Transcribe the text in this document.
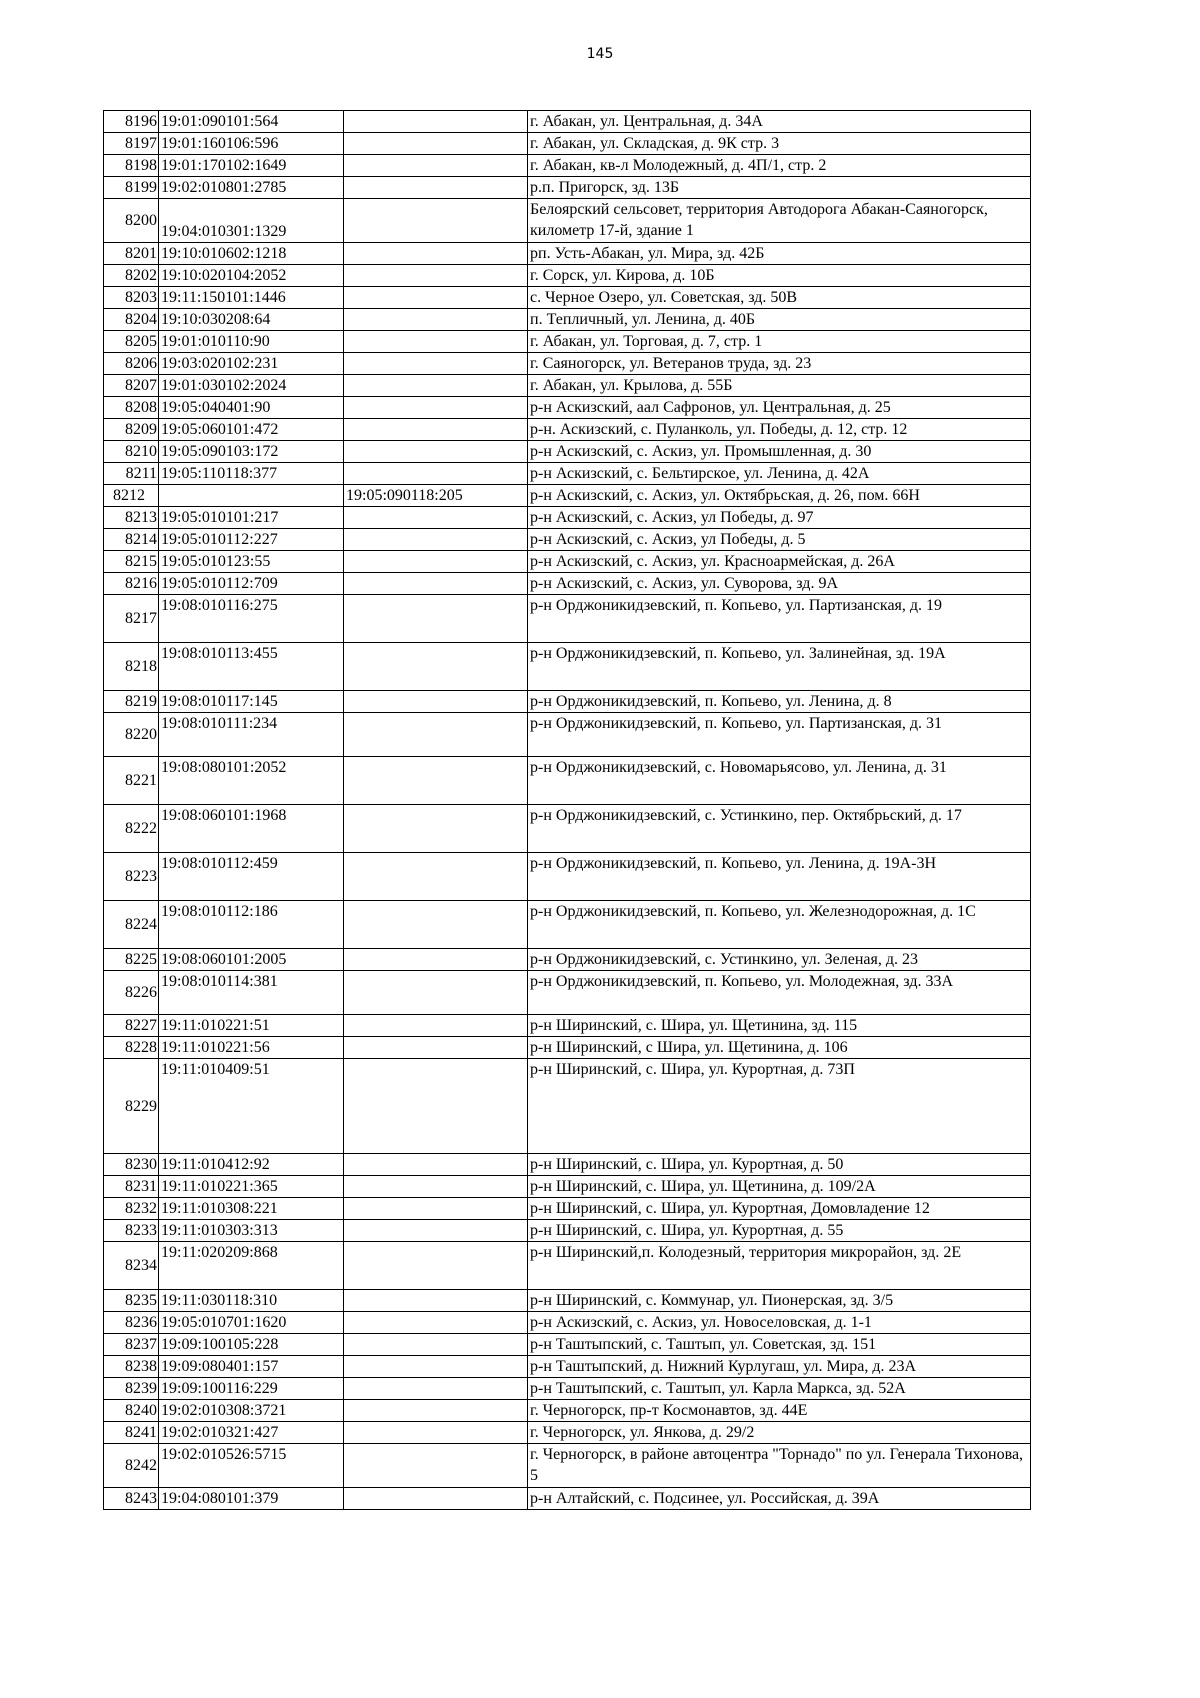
145
8196	19:01:090101:564		г. Абакан, ул. Центральная, д. 34А
8197	19:01:160106:596		г. Абакан, ул. Складская, д. 9К стр. 3
8198	19:01:170102:1649		г. Абакан, кв-л Молодежный, д. 4П/1, стр. 2
8199	19:02:010801:2785		р.п. Пригорск, зд. 13Б
8200	19:04:010301:1329		Белоярский сельсовет, территория Автодорога Абакан-Саяногорск, километр 17-й, здание 1
8201	19:10:010602:1218		рп. Усть-Абакан, ул. Мира, зд. 42Б
8202	19:10:020104:2052		г. Сорск, ул. Кирова, д. 10Б
8203	19:11:150101:1446		с. Черное Озеро, ул. Советская, зд. 50В
8204	19:10:030208:64		п. Тепличный, ул. Ленина, д. 40Б
8205	19:01:010110:90		г. Абакан, ул. Торговая, д. 7, стр. 1
8206	19:03:020102:231		г. Саяногорск, ул. Ветеранов труда, зд. 23
8207	19:01:030102:2024		г. Абакан, ул. Крылова, д. 55Б
8208	19:05:040401:90		р-н Аскизский, аал Сафронов, ул. Центральная, д. 25
8209	19:05:060101:472		р-н. Аскизский, с. Пуланколь, ул. Победы, д. 12, стр. 12
8210	19:05:090103:172		р-н Аскизский, с. Аскиз, ул. Промышленная, д. 30
8211	19:05:110118:377		р-н Аскизский, с. Бельтирское, ул. Ленина, д. 42А
8212		19:05:090118:205	р-н Аскизский, с. Аскиз, ул. Октябрьская, д. 26, пом. 66Н
8213	19:05:010101:217		р-н Аскизский, с. Аскиз, ул Победы, д. 97
8214	19:05:010112:227		р-н Аскизский, с. Аскиз, ул Победы, д. 5
8215	19:05:010123:55		р-н Аскизский, с. Аскиз, ул. Красноармейская, д. 26А
8216	19:05:010112:709		р-н Аскизский, с. Аскиз, ул. Суворова, зд. 9А
8217	19:08:010116:275		р-н Орджоникидзевский, п. Копьево, ул. Партизанская, д. 19
8218	19:08:010113:455		р-н Орджоникидзевский, п. Копьево, ул. Залинейная, зд. 19А
8219	19:08:010117:145		р-н Орджоникидзевский, п. Копьево, ул. Ленина, д. 8
8220	19:08:010111:234		р-н Орджоникидзевский, п. Копьево, ул. Партизанская, д. 31
8221	19:08:080101:2052		р-н Орджоникидзевский, с. Новомарьясово, ул. Ленина, д. 31
8222	19:08:060101:1968		р-н Орджоникидзевский, с. Устинкино, пер. Октябрьский, д. 17
8223	19:08:010112:459		р-н Орджоникидзевский, п. Копьево, ул. Ленина, д. 19А-3Н
8224	19:08:010112:186		р-н Орджоникидзевский, п. Копьево, ул. Железнодорожная, д. 1С
8225	19:08:060101:2005		р-н Орджоникидзевский, с. Устинкино, ул. Зеленая, д. 23
8226	19:08:010114:381		р-н Орджоникидзевский, п. Копьево, ул. Молодежная, зд. 33А
8227	19:11:010221:51		р-н Ширинский, с. Шира, ул. Щетинина, зд. 115
8228	19:11:010221:56		р-н Ширинский, с Шира, ул. Щетинина, д. 106
8229	19:11:010409:51		р-н Ширинский, с. Шира, ул. Курортная, д. 73П
8230	19:11:010412:92		р-н Ширинский, с. Шира, ул. Курортная, д. 50
8231	19:11:010221:365		р-н Ширинский, с. Шира, ул. Щетинина, д. 109/2А
8232	19:11:010308:221		р-н Ширинский, с. Шира, ул. Курортная, Домовладение 12
8233	19:11:010303:313		р-н Ширинский, с. Шира, ул. Курортная, д. 55
8234	19:11:020209:868		р-н Ширинский,п. Колодезный, территория микрорайон, зд. 2Е
8235	19:11:030118:310		р-н Ширинский, с. Коммунар, ул. Пионерская, зд. 3/5
8236	19:05:010701:1620		р-н Аскизский, с. Аскиз, ул. Новоселовская, д. 1-1
8237	19:09:100105:228		р-н Таштыпский, с. Таштып, ул. Советская, зд. 151
8238	19:09:080401:157		р-н Таштыпский, д. Нижний Курлугаш, ул. Мира, д. 23А
8239	19:09:100116:229		р-н Таштыпский, с. Таштып, ул. Карла Маркса, зд. 52А
8240	19:02:010308:3721		г. Черногорск, пр-т Космонавтов, зд. 44Е
8241	19:02:010321:427		г. Черногорск, ул. Янкова, д. 29/2
8242	19:02:010526:5715		г. Черногорск, в районе автоцентра "Торнадо" по ул. Генерала Тихонова, 5
8243	19:04:080101:379		р-н Алтайский, с. Подсинее, ул. Российская, д. 39А
